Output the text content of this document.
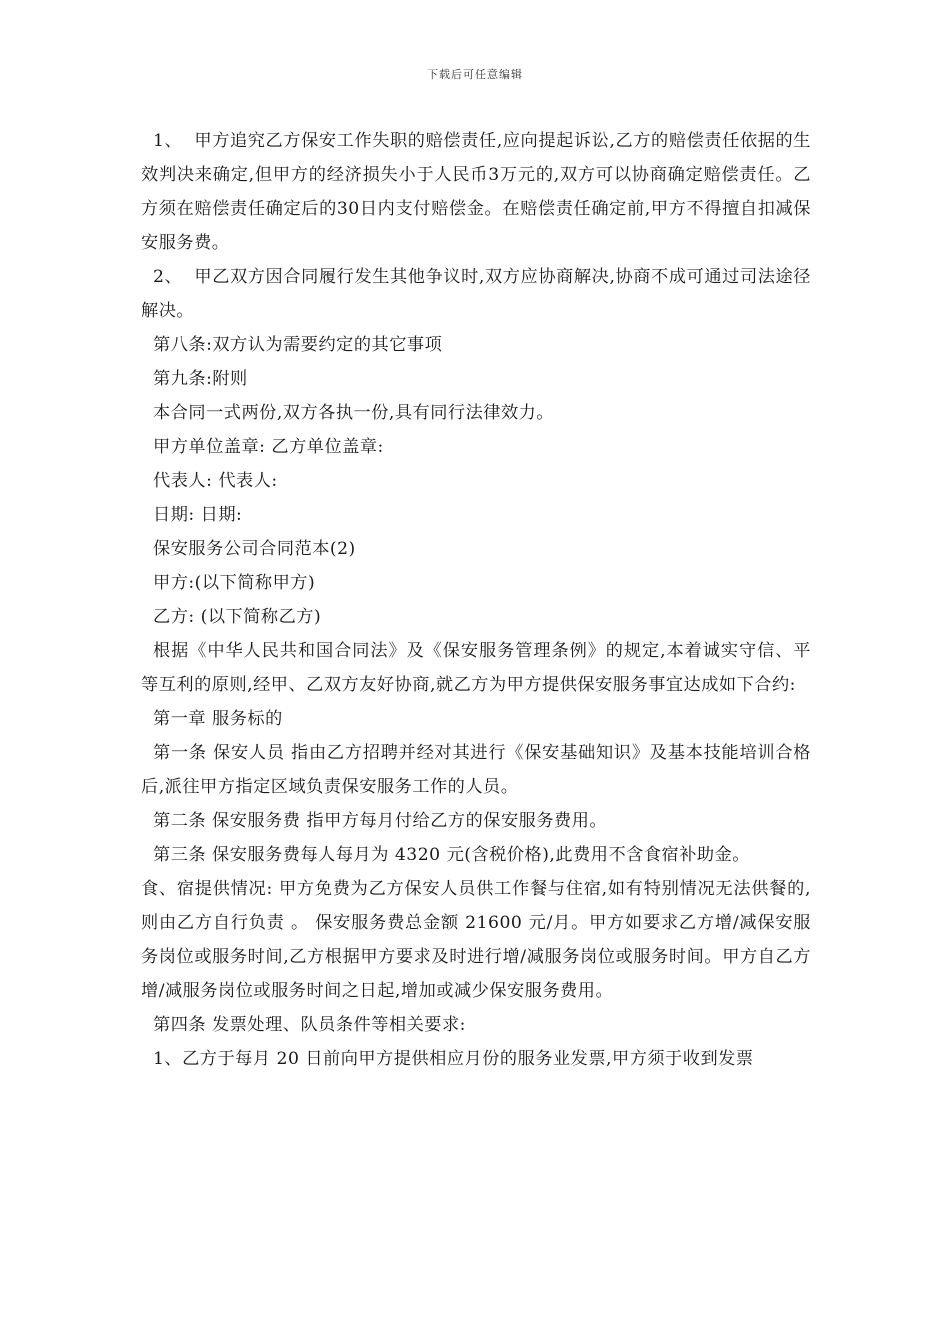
下载后可任意编辑

1、  甲方追究乙方保安工作失职的赔偿责任,应向提起诉讼,乙方的赔偿责任依据的生效判决来确定,但甲方的经济损失小于人民币3万元的,双方可以协商确定赔偿责任。乙方须在赔偿责任确定后的30日内支付赔偿金。在赔偿责任确定前,甲方不得擅自扣减保安服务费。

2、  甲乙双方因合同履行发生其他争议时,双方应协商解决,协商不成可通过司法途径解决。

第八条:双方认为需要约定的其它事项

第九条:附则

本合同一式两份,双方各执一份,具有同行法律效力。

甲方单位盖章: 乙方单位盖章:

代表人: 代表人:

日期: 日期:

保安服务公司合同范本(2)

甲方:(以下简称甲方)

乙方: (以下简称乙方)

根据《中华人民共和国合同法》及《保安服务管理条例》的规定,本着诚实守信、平等互利的原则,经甲、乙双方友好协商,就乙方为甲方提供保安服务事宜达成如下合约:

第一章 服务标的

第一条 保安人员 指由乙方招聘并经对其进行《保安基础知识》及基本技能培训合格后,派往甲方指定区域负责保安服务工作的人员。

第二条 保安服务费 指甲方每月付给乙方的保安服务费用。

第三条 保安服务费每人每月为 4320 元(含税价格),此费用不含食宿补助金。

食、宿提供情况: 甲方免费为乙方保安人员供工作餐与住宿,如有特别情况无法供餐的,则由乙方自行负责 。 保安服务费总金额 21600 元/月。甲方如要求乙方增/减保安服务岗位或服务时间,乙方根据甲方要求及时进行增/减服务岗位或服务时间。甲方自乙方增/减服务岗位或服务时间之日起,增加或减少保安服务费用。

第四条 发票处理、队员条件等相关要求:

1、乙方于每月 20 日前向甲方提供相应月份的服务业发票,甲方须于收到发票
